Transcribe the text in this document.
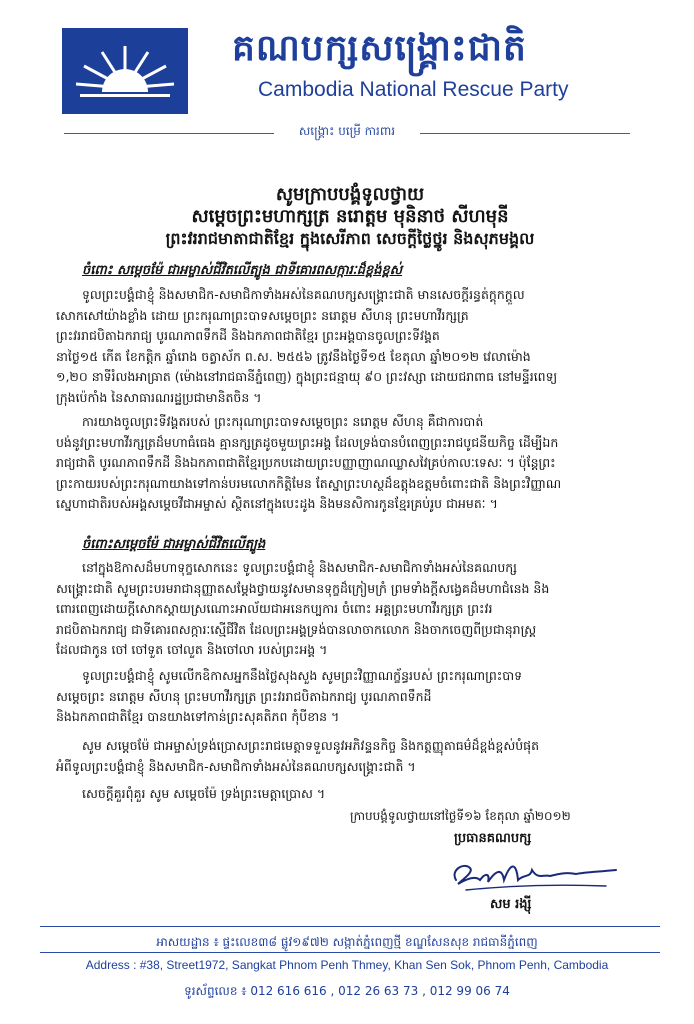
គណបក្សសង្គ្រោះជាតិ
Cambodia National Rescue Party
សង្គ្រោះ បម្រើ ការពារ
សូមក្រាបបង្គំទូលថ្វាយ
សម្តេចព្រះមហាក្សត្រ នរោត្តម មុនិនាថ សីហមុនី
ព្រះវររាជមាតាជាតិខ្មែរ ក្នុងសេរីភាព សេចក្តីថ្លៃថ្នូរ និងសុភមង្គល
ចំពោះ សម្តេចម៉ែ ជាអម្ចាស់ជីវិតលើត្បូង ជាទីគោរពសក្ការៈដ៏ខ្ពង់ខ្ពស់
ទូលព្រះបង្គំជាខ្ញុំ និងសមាជិក-សមាជិកាទាំងអស់នៃគណបក្សសង្គ្រោះជាតិ មានសេចក្តីរន្ធត់ក្តុកក្តួល
សោកសៅយ៉ាងខ្លាំង ដោយ ព្រះករុណាព្រះបាទសម្តេចព្រះ នរោត្តម សីហនុ ព្រះមហាវីរក្សត្រ
ព្រះវររាជបិតាឯករាជ្យ បូរណភាពទឹកដី និងឯកភាពជាតិខ្មែរ ព្រះអង្គបានចូលព្រះទីវង្គត
នាថ្ងៃ១៥ កើត ខែកត្តិក ឆ្នាំរោង ចត្វាស័ក ព.ស. ២៥៥៦ ត្រូវនឹងថ្ងៃទី១៥ ខែតុលា ឆ្នាំ២០១២ វេលាម៉ោង
១,២០ នាទីរំលងអាធ្រាត (ម៉ោងនៅរាជធានីភ្នំពេញ) ក្នុងព្រះជន្មាយុ ៩០ ព្រះវស្សា ដោយជរាពាធ នៅមន្ទីរពេទ្យ
ក្រុងប៉េកាំង នៃសាធារណរដ្ឋប្រជាមានិតចិន ។
ការយាងចូលព្រះទីវង្គតរបស់ ព្រះករុណាព្រះបាទសម្តេចព្រះ នរោត្តម សីហនុ គឺជាការបាត់
បង់នូវព្រះមហាវីរក្សត្រដ៏មហាធំធេង គ្មានក្សត្រដូចមួយព្រះអង្គ ដែលទ្រង់បានបំពេញព្រះរាជបូជនីយកិច្ច ដើម្បីឯក
រាជ្យជាតិ បូរណភាពទឹកដី និងឯកភាពជាតិខ្មែរប្រកបដោយព្រះបញ្ញាញាណឈ្លាសវៃគ្រប់កាលៈទេសៈ ។ ប៉ុន្តែព្រះ
ព្រះកាយរបស់ព្រះករុណាយាងទៅកាន់បរមលោកកិត្តិមែន តែស្នាព្រះហស្ថដ៏ឧត្តុងឧត្តមចំពោះជាតិ និងព្រះវិញ្ញាណ
ស្នេហាជាតិរបស់អង្គសម្តេចវីជាអម្ចាស់ ស្ថិតនៅក្នុងបេះដូង និងមនសិការកូនខ្មែរគ្រប់រូប ជាអមតៈ ។
ចំពោះសម្តេចម៉ែ ជាអម្ចាស់ជីវិតលើត្បូង
នៅក្នុងឱកាសដ៏មហាទុក្ខសោកនេះ ទូលព្រះបង្គំជាខ្ញុំ និងសមាជិក-សមាជិកាទាំងអស់នៃគណបក្ស
សង្គ្រោះជាតិ សូមព្រះបរមរាជានុញ្ញាតសម្តែងថ្វាយនូវសមានទុក្ខដ៏ក្រៀមក្រំ ព្រមទាំងក្តីសង្វេគដ៏មហាជំនេង និង
ពោរពេញដោយក្តីសោកស្តាយស្រណោះអាល័យជាអនេកប្បការ ចំពោះ អគ្គព្រះមហាវីរក្សត្រ ព្រះវរ
រាជបិតាឯករាជ្យ ជាទីគោរពសក្ការៈស្មើជីវិត ដែលព្រះអង្គទ្រង់បានលាចាកលោក និងចាកចេញពីប្រជានុរាស្ត្រ
ដែលជាកូន ចៅ ចៅទួត ចៅលួត និងចៅលា របស់ព្រះអង្គ ។
ទូលព្រះបង្គំជាខ្ញុំ សូមលើកឧិកាសអ្នកនឹងថ្លៃសុងសួង សូមព្រះវិញ្ញាណក្ខ័ន្ធរបស់ ព្រះករុណាព្រះបាទ
សម្តេចព្រះ នរោត្តម សីហនុ ព្រះមហាវីរក្សត្រ ព្រះវររាជបិតាឯករាជ្យ បូរណភាពទឹកដី
និងឯកភាពជាតិខ្មែរ បានយាងទៅកាន់ព្រះសុគតិភព កុំបីខាន ។
សូម សម្តេចម៉ែ ជាអម្ចាស់ទ្រង់ប្រោសព្រះរាជមេត្តាទទួលនូវអភិវន្ទនកិច្ច និងកត្តញ្ញុតាធម៌ដ៏ខ្ពង់ខ្ពស់បំផុត
អំពីទូលព្រះបង្គំជាខ្ញុំ និងសមាជិក-សមាជិកាទាំងអស់នៃគណបក្សសង្គ្រោះជាតិ ។
សេចក្តីគួរពុំគួរ សូម សម្តេចម៉ែ ទ្រង់ព្រះមេត្តាប្រោស ។
ក្រាបបង្គំទូលថ្វាយនៅថ្ងៃទី១៦ ខែតុលា ឆ្នាំ២០១២
ប្រធានគណបក្ស
សម រង្ស៊ី
អាសយដ្ឋាន ៖ ផ្ទះលេខ៣៨ ផ្លូវ១៩៧២ សង្កាត់ភ្នំពេញថ្មី ខណ្ឌសែនសុខ រាជធានីភ្នំពេញ
Address : #38, Street1972, Sangkat Phnom Penh Thmey, Khan Sen Sok, Phnom Penh, Cambodia
ទូរស័ព្ទលេខ ៖ 012 616 616 , 012 26 63 73 , 012 99 06 74
